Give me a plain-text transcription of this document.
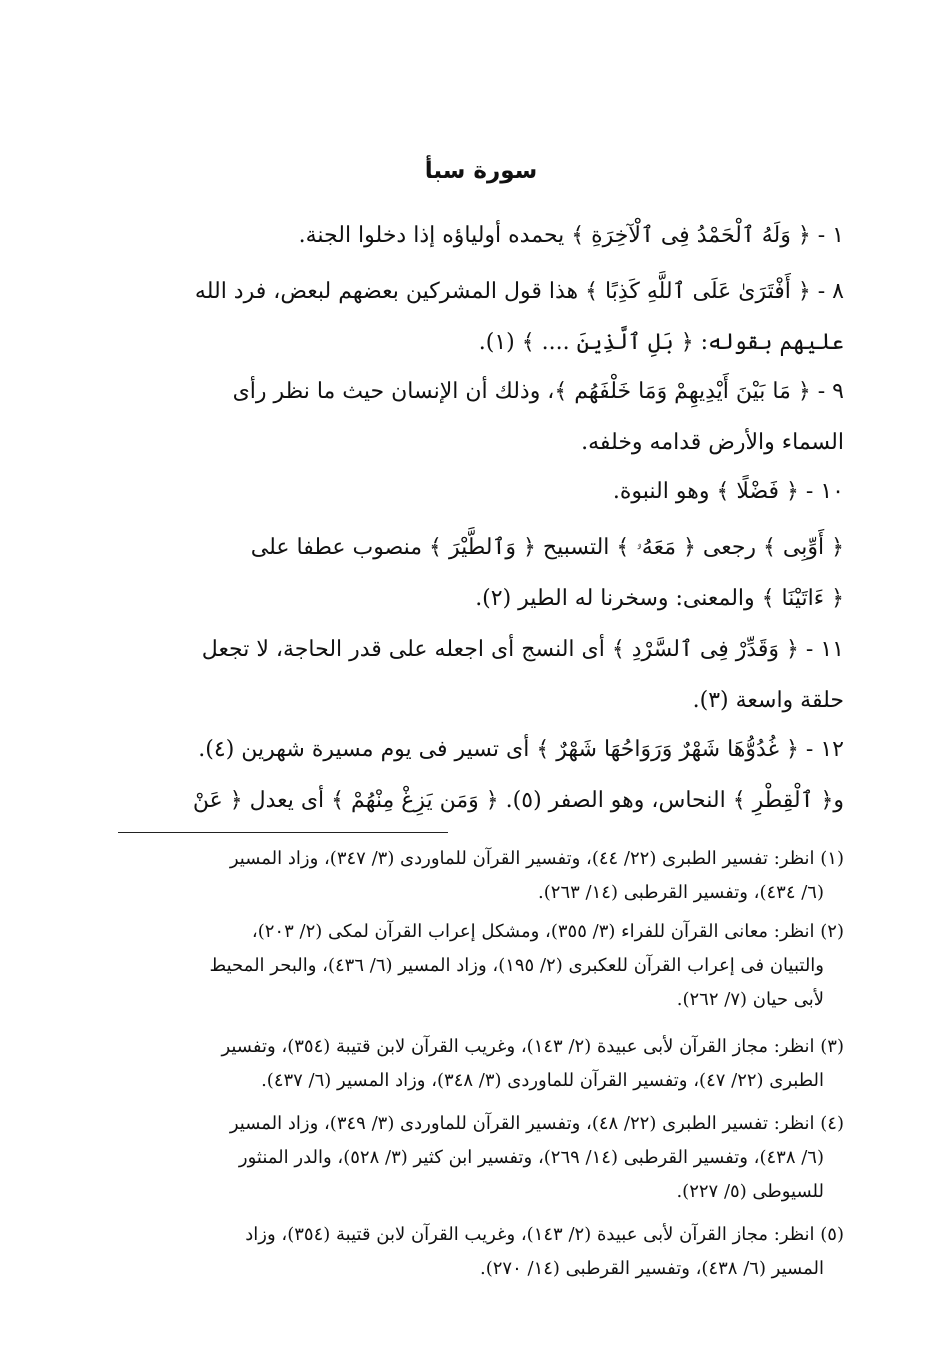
سورة سبأ
١ - ﴿ وَلَهُ ٱلْحَمْدُ فِى ٱلْآخِرَةِ ﴾ يحمده أولياؤه إذا دخلوا الجنة.
٨ - ﴿ أَفْتَرَىٰ عَلَى ٱللَّهِ كَذِبًا ﴾ هذا قول المشركين بعضهم لبعض، فرد الله
عليهم بقوله: ﴿ بَلِ ٱلَّذِينَ .... ﴾ (١).
٩ - ﴿ مَا بَيْنَ أَيْدِيهِمْ وَمَا خَلْفَهُم ﴾، وذلك أن الإنسان حيث ما نظر رأى
السماء والأرض قدامه وخلفه.
١٠ - ﴿ فَضْلًا ﴾ وهو النبوة.
﴿ أَوِّبِى ﴾ رجعى ﴿ مَعَهُۥ ﴾ التسبيح ﴿ وَٱلطَّيْرَ ﴾ منصوب عطفا على
﴿ ءَاتَيْنَا ﴾ والمعنى: وسخرنا له الطير (٢).
١١ - ﴿ وَقَدِّرْ فِى ٱلسَّرْدِ ﴾ أى النسج أى اجعله على قدر الحاجة، لا تجعل
حلقة واسعة (٣).
١٢ - ﴿ غُدُوُّهَا شَهْرٌ وَرَوَاحُهَا شَهْرٌ ﴾ أى تسير فى يوم مسيرة شهرين (٤).
و﴿ ٱلْقِطْرِ ﴾ النحاس، وهو الصفر (٥). ﴿ وَمَن يَزِغْ مِنْهُمْ ﴾ أى يعدل ﴿ عَنْ
(١) انظر: تفسير الطبرى (٢٢/ ٤٤)، وتفسير القرآن للماوردى (٣/ ٣٤٧)، وزاد المسير
(٦/ ٤٣٤)، وتفسير القرطبى (١٤/ ٢٦٣).
(٢) انظر: معانى القرآن للفراء (٣/ ٣٥٥)، ومشكل إعراب القرآن لمكى (٢/ ٢٠٣)،
والتبيان فى إعراب القرآن للعكبرى (٢/ ١٩٥)، وزاد المسير (٦/ ٤٣٦)، والبحر المحيط
لأبى حيان (٧/ ٢٦٢).
(٣) انظر: مجاز القرآن لأبى عبيدة (٢/ ١٤٣)، وغريب القرآن لابن قتيبة (٣٥٤)، وتفسير
الطبرى (٢٢/ ٤٧)، وتفسير القرآن للماوردى (٣/ ٣٤٨)، وزاد المسير (٦/ ٤٣٧).
(٤) انظر: تفسير الطبرى (٢٢/ ٤٨)، وتفسير القرآن للماوردى (٣/ ٣٤٩)، وزاد المسير
(٦/ ٤٣٨)، وتفسير القرطبى (١٤/ ٢٦٩)، وتفسير ابن كثير (٣/ ٥٢٨)، والدر المنثور
للسيوطى (٥/ ٢٢٧).
(٥) انظر: مجاز القرآن لأبى عبيدة (٢/ ١٤٣)، وغريب القرآن لابن قتيبة (٣٥٤)، وزاد
المسير (٦/ ٤٣٨)، وتفسير القرطبى (١٤/ ٢٧٠).
